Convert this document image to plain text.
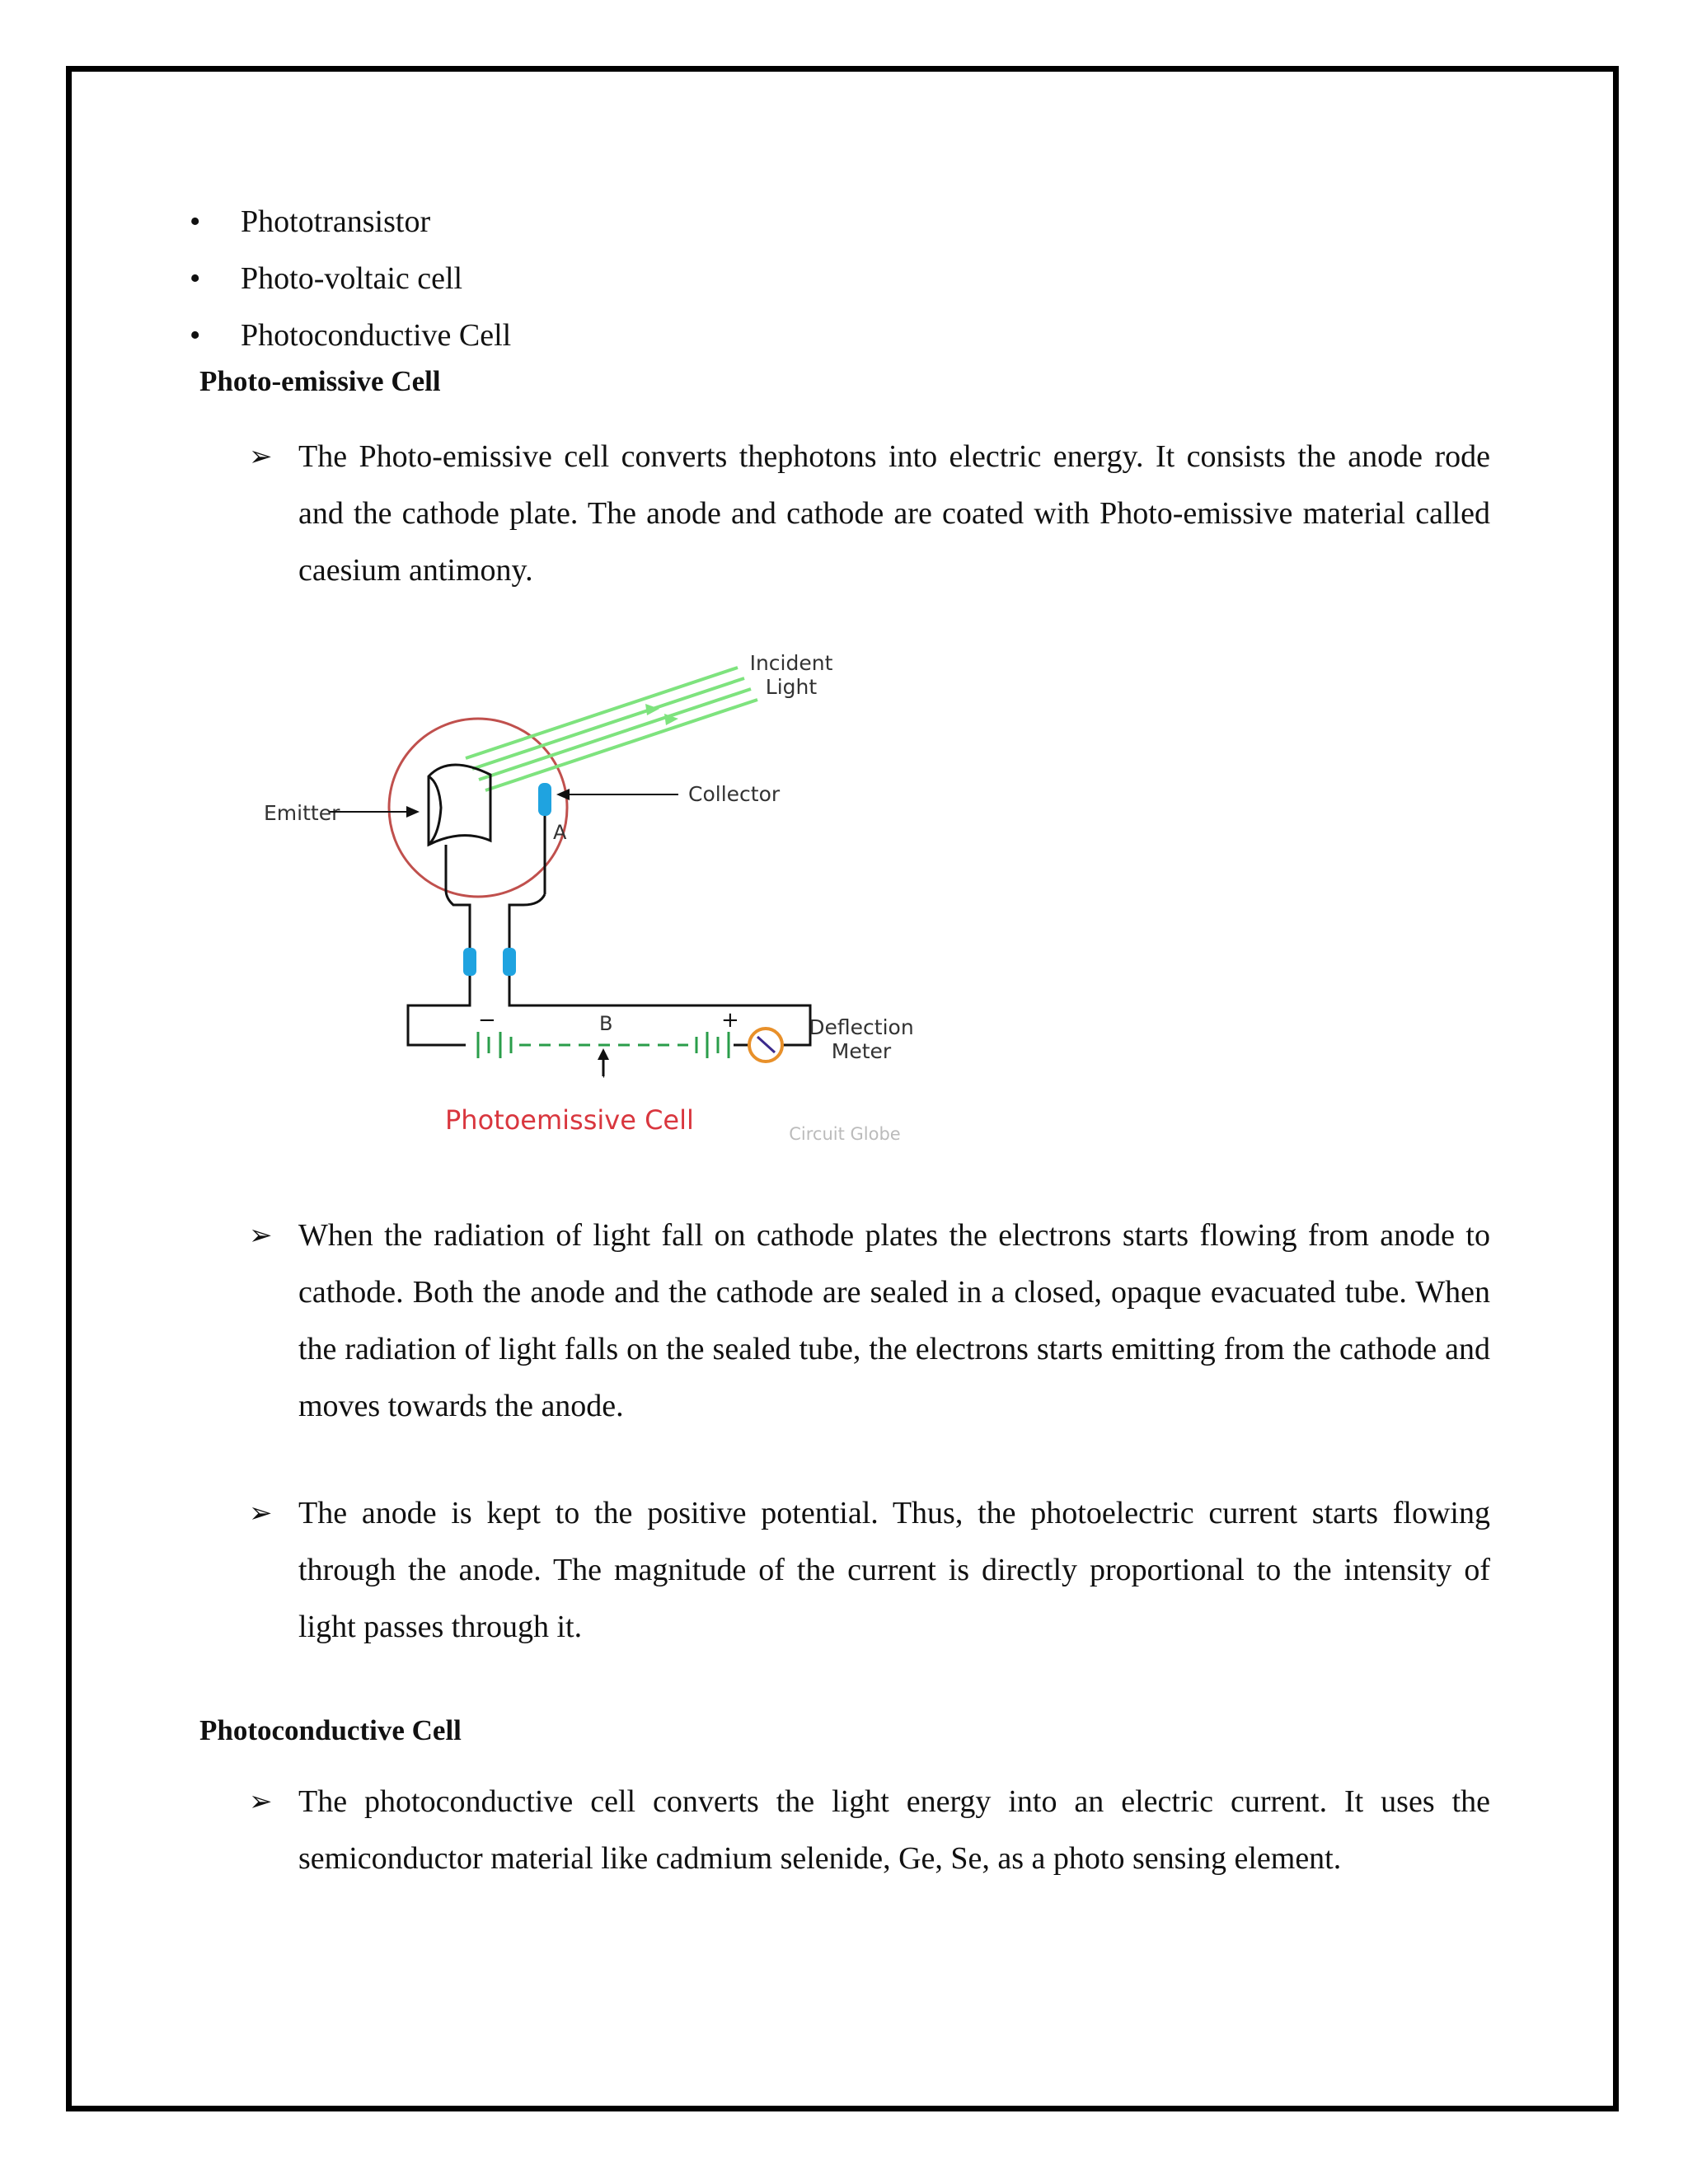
• Phototransistor
• Photo-voltaic cell
• Photoconductive Cell
Photo-emissive Cell
➢ The Photo-emissive cell converts thephotons into electric energy. It consists the anode rode and the cathode plate. The anode and cathode are coated with Photo-emissive material called caesium antimony.
Incident
Light
Emitter
A
Collector
−	+
B	Deflection
Meter
Photoemissive Cell	Circuit Globe
➢ When the radiation of light fall on cathode plates the electrons starts flowing from anode to cathode. Both the anode and the cathode are sealed in a closed, opaque evacuated tube. When the radiation of light falls on the sealed tube, the electrons starts emitting from the cathode and moves towards the anode.
➢ The anode is kept to the positive potential. Thus, the photoelectric current starts flowing through the anode. The magnitude of the current is directly proportional to the intensity of light passes through it.
Photoconductive Cell
➢ The photoconductive cell converts the light energy into an electric current. It uses the semiconductor material like cadmium selenide, Ge, Se, as a photo sensing element.
